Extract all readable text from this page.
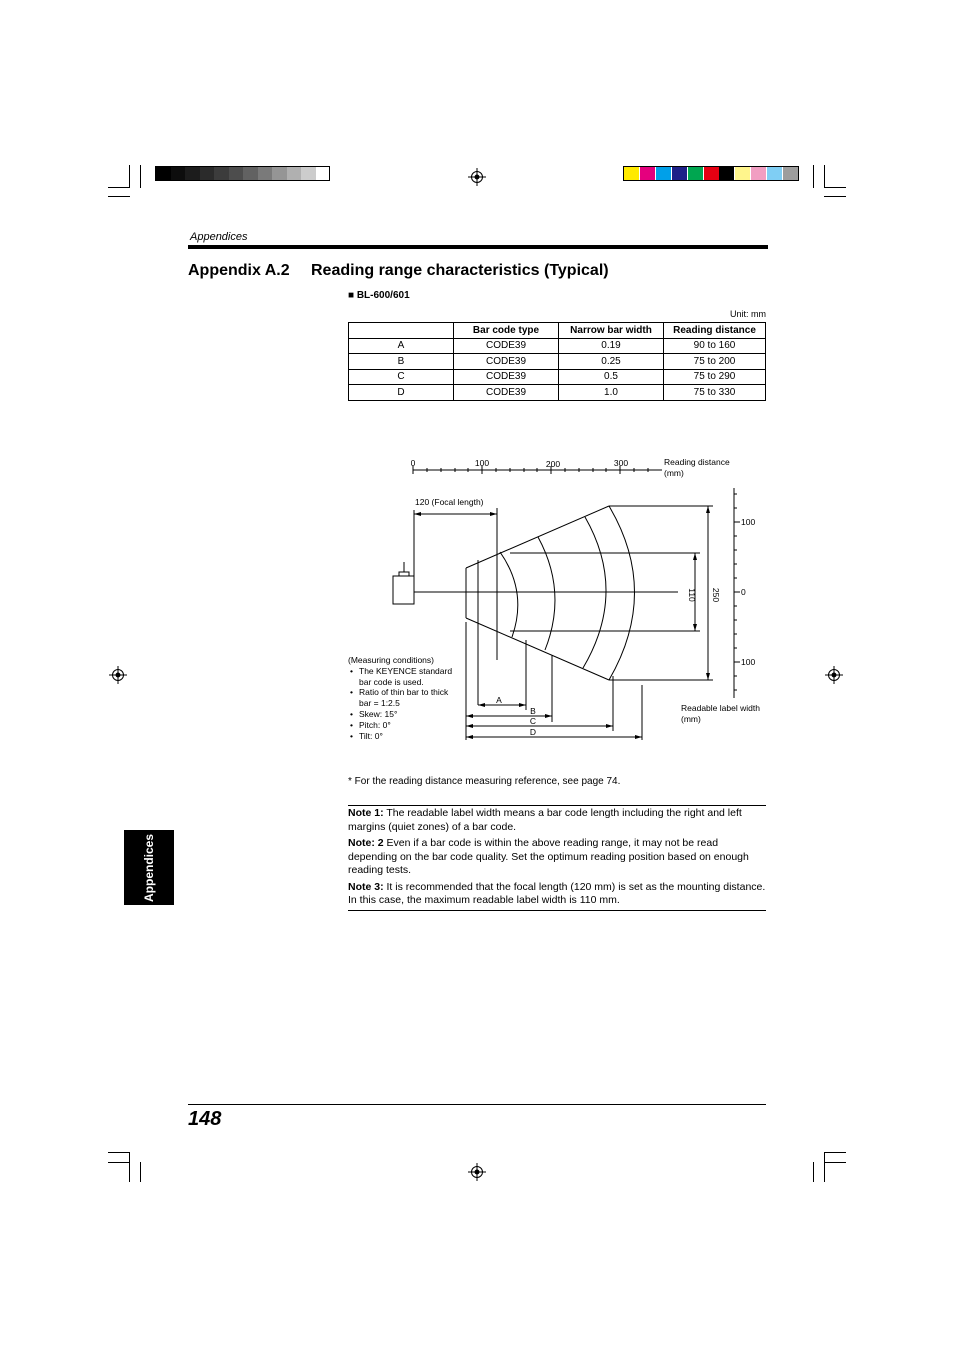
Appendices
Appendix A.2 Reading range characteristics (Typical)
■ BL-600/601
Unit: mm
	Bar code type	Narrow bar width	Reading distance
A	CODE39	0.19	90 to 160
B	CODE39	0.25	75 to 200
C	CODE39	0.5	75 to 290
D	CODE39	1.0	75 to 330
0	100	200	300	Reading distance
(mm)
120 (Focal length)
100
0
100
Readable label width
(mm)
110 250
A
B
C
D
(Measuring conditions)
• The KEYENCE standard
bar code is used.
• Ratio of thin bar to thick
bar = 1:2.5
• Skew: 15°
• Pitch: 0°
• Tilt: 0°
* For the reading distance measuring reference, see page 74.

Note 1: The readable label width means a bar code length including the right and left margins (quiet zones) of a bar code.

Note: 2 Even if a bar code is within the above reading range, it may not be read depending on the bar code quality. Set the optimum reading position based on enough reading tests.

Note 3: It is recommended that the focal length (120 mm) is set as the mounting distance. In this case, the maximum readable label width is 110 mm.

Appendices
148
